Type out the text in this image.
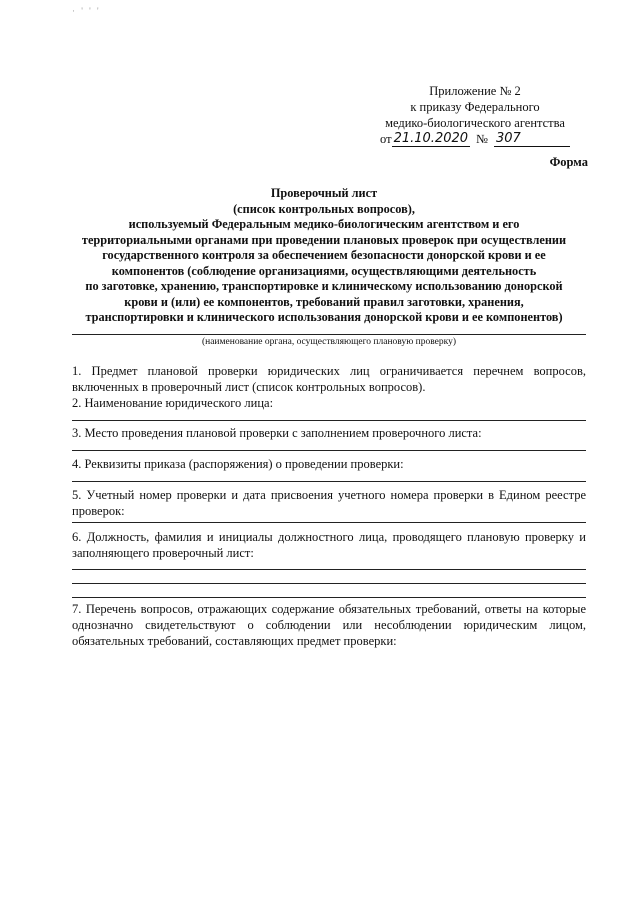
· ' ' '
Приложение № 2
к приказу Федерального
медико-биологического агентства
от 21.10.2020 № 307
Форма
Проверочный лист
(список контрольных вопросов),
используемый Федеральным медико-биологическим агентством и его
территориальными органами при проведении плановых проверок при осуществлении
государственного контроля за обеспечением безопасности донорской крови и ее
компонентов (соблюдение организациями, осуществляющими деятельность
по заготовке, хранению, транспортировке и клиническому использованию донорской
крови и (или) ее компонентов, требований правил заготовки, хранения,
транспортировки и клинического использования донорской крови и ее компонентов)
(наименование органа, осуществляющего плановую проверку)
1. Предмет плановой проверки юридических лиц ограничивается перечнем вопросов, включенных в проверочный лист (список контрольных вопросов).
2. Наименование юридического лица:
3. Место проведения плановой проверки с заполнением проверочного листа:
4. Реквизиты приказа (распоряжения) о проведении проверки:
5. Учетный номер проверки и дата присвоения учетного номера проверки в Едином реестре проверок:
6. Должность, фамилия и инициалы должностного лица, проводящего плановую проверку и заполняющего проверочный лист:
7. Перечень вопросов, отражающих содержание обязательных требований, ответы на которые однозначно свидетельствуют о соблюдении или несоблюдении юридическим лицом, обязательных требований, составляющих предмет проверки:
